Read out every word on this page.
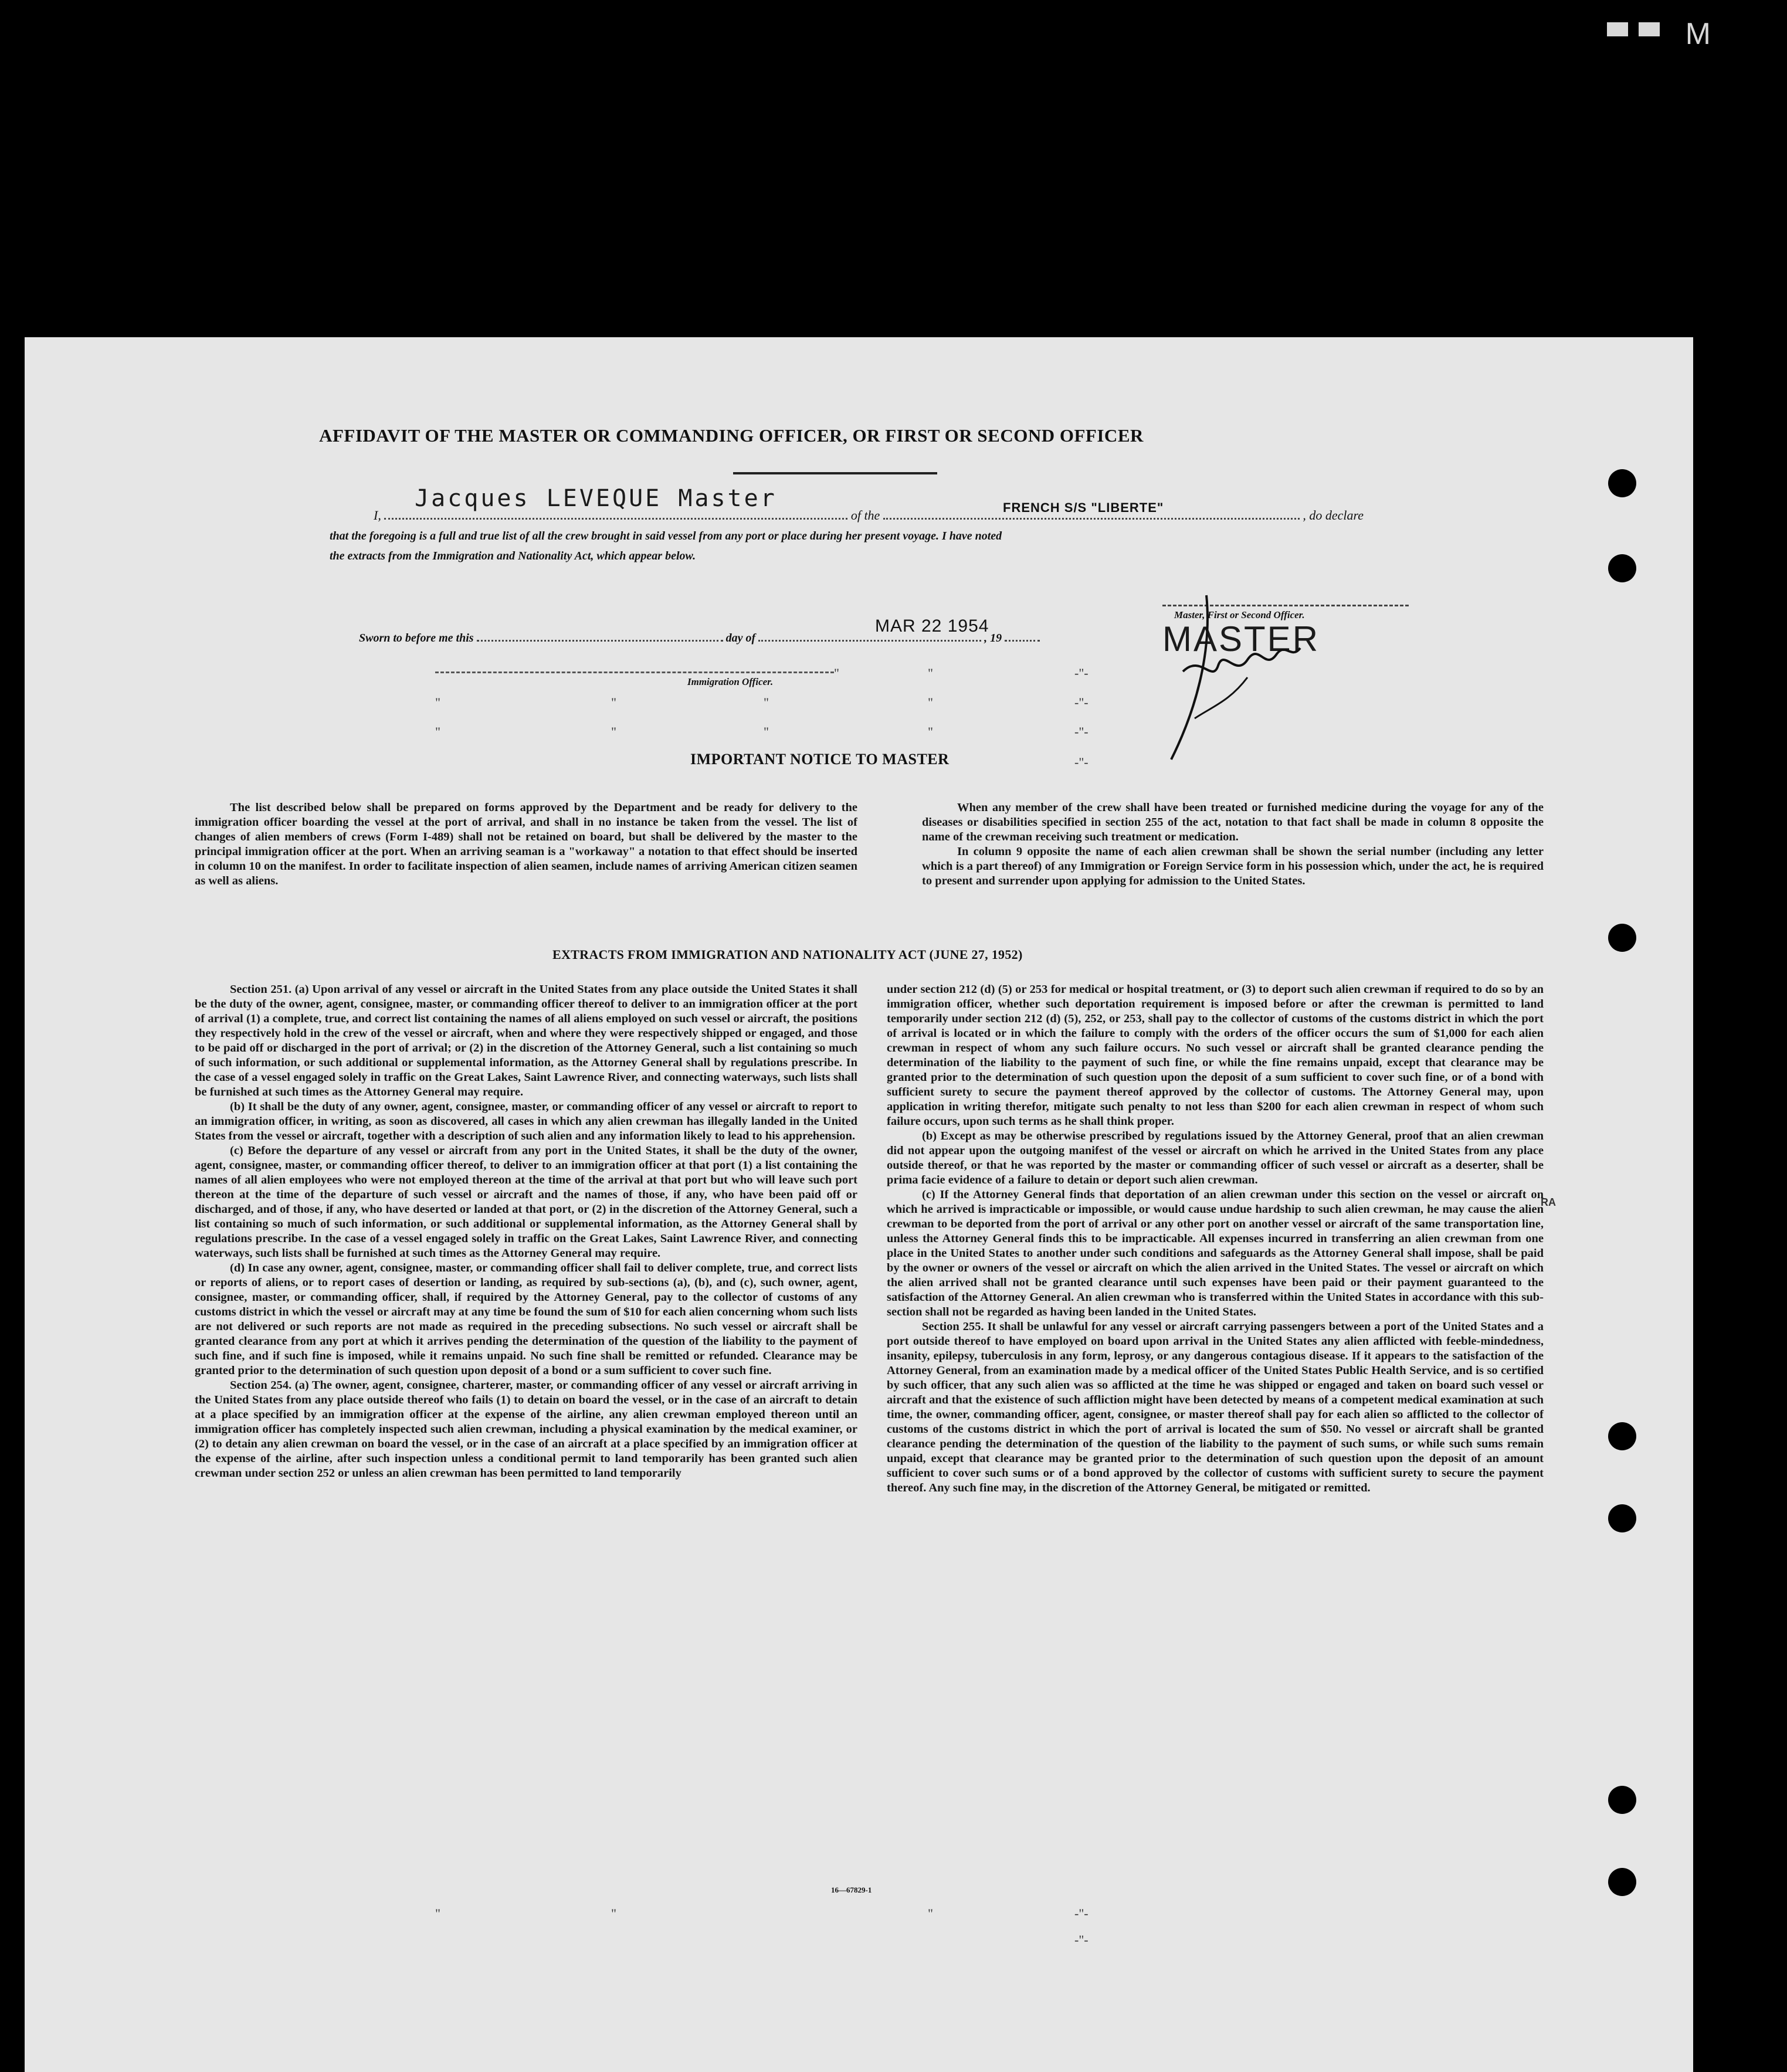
M
AFFIDAVIT OF THE MASTER OR COMMANDING OFFICER, OR FIRST OR SECOND OFFICER
I,	of the	, do declare
Jacques LEVEQUE Master	FRENCH S/S "LIBERTE"
that the foregoing is a full and true list of all the crew brought in said vessel from any port or place during her present voyage. I have noted
the extracts from the Immigration and Nationality Act, which appear below.
Master, First or Second Officer.
Sworn to before me this	day of	, 19
MAR 22 1954	MASTER
Immigration Officer.
"	"	-"-
"	"	"	"	-"-
"	"	"	"	-"-
-"-
"	"	"	-"-
-"-
IMPORTANT NOTICE TO MASTER

The list described below shall be prepared on forms approved by the Department and be ready for delivery to the immigration officer boarding the vessel at the port of arrival, and shall in no instance be taken from the vessel. The list of changes of alien members of crews (Form I-489) shall not be retained on board, but shall be delivered by the master to the principal immigration officer at the port. When an arriving seaman is a "workaway" a notation to that effect should be inserted in column 10 on the manifest. In order to facilitate inspection of alien seamen, include names of arriving American citizen seamen as well as aliens.

When any member of the crew shall have been treated or furnished medicine during the voyage for any of the diseases or disabilities specified in section 255 of the act, notation to that fact shall be made in column 8 opposite the name of the crewman receiving such treatment or medication.

In column 9 opposite the name of each alien crewman shall be shown the serial number (including any letter which is a part thereof) of any Immigration or Foreign Service form in his possession which, under the act, he is required to present and surrender upon applying for admission to the United States.

EXTRACTS FROM IMMIGRATION AND NATIONALITY ACT (JUNE 27, 1952)

Section 251. (a) Upon arrival of any vessel or aircraft in the United States from any place outside the United States it shall be the duty of the owner, agent, consignee, master, or commanding officer thereof to deliver to an immigration officer at the port of arrival (1) a complete, true, and correct list containing the names of all aliens employed on such vessel or aircraft, the positions they respectively hold in the crew of the vessel or aircraft, when and where they were respectively shipped or engaged, and those to be paid off or discharged in the port of arrival; or (2) in the discretion of the Attorney General, such a list containing so much of such information, or such additional or supplemental information, as the Attorney General shall by regulations prescribe. In the case of a vessel engaged solely in traffic on the Great Lakes, Saint Lawrence River, and connecting waterways, such lists shall be furnished at such times as the Attorney General may require.

(b) It shall be the duty of any owner, agent, consignee, master, or commanding officer of any vessel or aircraft to report to an immigration officer, in writing, as soon as discovered, all cases in which any alien crewman has illegally landed in the United States from the vessel or aircraft, together with a description of such alien and any information likely to lead to his apprehension.

(c) Before the departure of any vessel or aircraft from any port in the United States, it shall be the duty of the owner, agent, consignee, master, or commanding officer thereof, to deliver to an immigration officer at that port (1) a list containing the names of all alien employees who were not employed thereon at the time of the arrival at that port but who will leave such port thereon at the time of the departure of such vessel or aircraft and the names of those, if any, who have been paid off or discharged, and of those, if any, who have deserted or landed at that port, or (2) in the discretion of the Attorney General, such a list containing so much of such information, or such additional or supplemental information, as the Attorney General shall by regulations prescribe. In the case of a vessel engaged solely in traffic on the Great Lakes, Saint Lawrence River, and connecting waterways, such lists shall be furnished at such times as the Attorney General may require.

(d) In case any owner, agent, consignee, master, or commanding officer shall fail to deliver complete, true, and correct lists or reports of aliens, or to report cases of desertion or landing, as required by sub-sections (a), (b), and (c), such owner, agent, consignee, master, or commanding officer, shall, if required by the Attorney General, pay to the collector of customs of any customs district in which the vessel or aircraft may at any time be found the sum of $10 for each alien concerning whom such lists are not delivered or such reports are not made as required in the preceding subsections. No such vessel or aircraft shall be granted clearance from any port at which it arrives pending the determination of the question of the liability to the payment of such fine, and if such fine is imposed, while it remains unpaid. No such fine shall be remitted or refunded. Clearance may be granted prior to the determination of such question upon deposit of a bond or a sum sufficient to cover such fine.

Section 254. (a) The owner, agent, consignee, charterer, master, or commanding officer of any vessel or aircraft arriving in the United States from any place outside thereof who fails (1) to detain on board the vessel, or in the case of an aircraft to detain at a place specified by an immigration officer at the expense of the airline, any alien crewman employed thereon until an immigration officer has completely inspected such alien crewman, including a physical examination by the medical examiner, or (2) to detain any alien crewman on board the vessel, or in the case of an aircraft at a place specified by an immigration officer at the expense of the airline, after such inspection unless a conditional permit to land temporarily has been granted such alien crewman under section 252 or unless an alien crewman has been permitted to land temporarily

under section 212 (d) (5) or 253 for medical or hospital treatment, or (3) to deport such alien crewman if required to do so by an immigration officer, whether such deportation requirement is imposed before or after the crewman is permitted to land temporarily under section 212 (d) (5), 252, or 253, shall pay to the collector of customs of the customs district in which the port of arrival is located or in which the failure to comply with the orders of the officer occurs the sum of $1,000 for each alien crewman in respect of whom any such failure occurs. No such vessel or aircraft shall be granted clearance pending the determination of the liability to the payment of such fine, or while the fine remains unpaid, except that clearance may be granted prior to the determination of such question upon the deposit of a sum sufficient to cover such fine, or of a bond with sufficient surety to secure the payment thereof approved by the collector of customs. The Attorney General may, upon application in writing therefor, mitigate such penalty to not less than $200 for each alien crewman in respect of whom such failure occurs, upon such terms as he shall think proper.

(b) Except as may be otherwise prescribed by regulations issued by the Attorney General, proof that an alien crewman did not appear upon the outgoing manifest of the vessel or aircraft on which he arrived in the United States from any place outside thereof, or that he was reported by the master or commanding officer of such vessel or aircraft as a deserter, shall be prima facie evidence of a failure to detain or deport such alien crewman.

(c) If the Attorney General finds that deportation of an alien crewman under this section on the vessel or aircraft on which he arrived is impracticable or impossible, or would cause undue hardship to such alien crewman, he may cause the alien crewman to be deported from the port of arrival or any other port on another vessel or aircraft of the same transportation line, unless the Attorney General finds this to be impracticable. All expenses incurred in transferring an alien crewman from one place in the United States to another under such conditions and safeguards as the Attorney General shall impose, shall be paid by the owner or owners of the vessel or aircraft on which the alien arrived in the United States. The vessel or aircraft on which the alien arrived shall not be granted clearance until such expenses have been paid or their payment guaranteed to the satisfaction of the Attorney General. An alien crewman who is transferred within the United States in accordance with this sub-section shall not be regarded as having been landed in the United States.

Section 255. It shall be unlawful for any vessel or aircraft carrying passengers between a port of the United States and a port outside thereof to have employed on board upon arrival in the United States any alien afflicted with feeble-mindedness, insanity, epilepsy, tuberculosis in any form, leprosy, or any dangerous contagious disease. If it appears to the satisfaction of the Attorney General, from an examination made by a medical officer of the United States Public Health Service, and is so certified by such officer, that any such alien was so afflicted at the time he was shipped or engaged and taken on board such vessel or aircraft and that the existence of such affliction might have been detected by means of a competent medical examination at such time, the owner, commanding officer, agent, consignee, or master thereof shall pay for each alien so afflicted to the collector of customs of the customs district in which the port of arrival is located the sum of $50. No vessel or aircraft shall be granted clearance pending the determination of the question of the liability to the payment of such sums, or while such sums remain unpaid, except that clearance may be granted prior to the determination of such question upon the deposit of an amount sufficient to cover such sums or of a bond approved by the collector of customs with sufficient surety to secure the payment thereof. Any such fine may, in the discretion of the Attorney General, be mitigated or remitted.

RA
16—67829-1
